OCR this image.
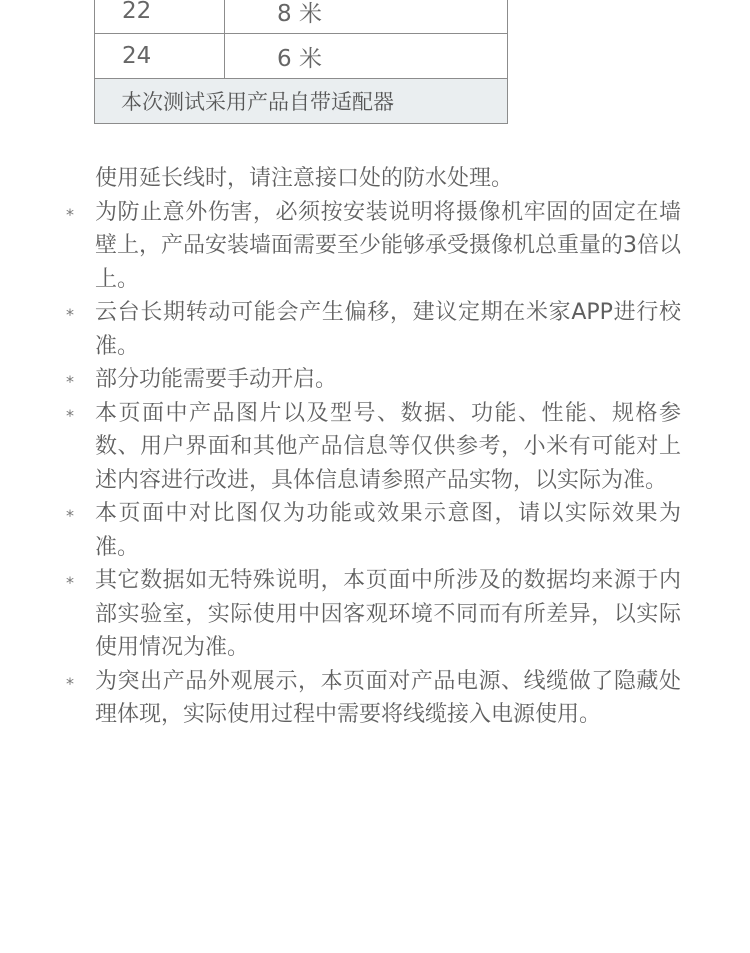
22	8 米
24	6 米
本次测试采用产品自带适配器	
使用延长线时，请注意接口处的防水处理。
* 为防止意外伤害，必须按安装说明将摄像机牢固的固定在墙壁上，产品安装墙面需要至少能够承受摄像机总重量的3倍以上。
* 云台长期转动可能会产生偏移，建议定期在米家APP进行校准。
* 部分功能需要手动开启。
* 本页面中产品图片以及型号、数据、功能、性能、规格参数、用户界面和其他产品信息等仅供参考，小米有可能对上述内容进行改进，具体信息请参照产品实物，以实际为准。
* 本页面中对比图仅为功能或效果示意图，请以实际效果为准。
* 其它数据如无特殊说明，本页面中所涉及的数据均来源于内部实验室，实际使用中因客观环境不同而有所差异，以实际使用情况为准。
* 为突出产品外观展示，本页面对产品电源、线缆做了隐藏处理体现，实际使用过程中需要将线缆接入电源使用。
